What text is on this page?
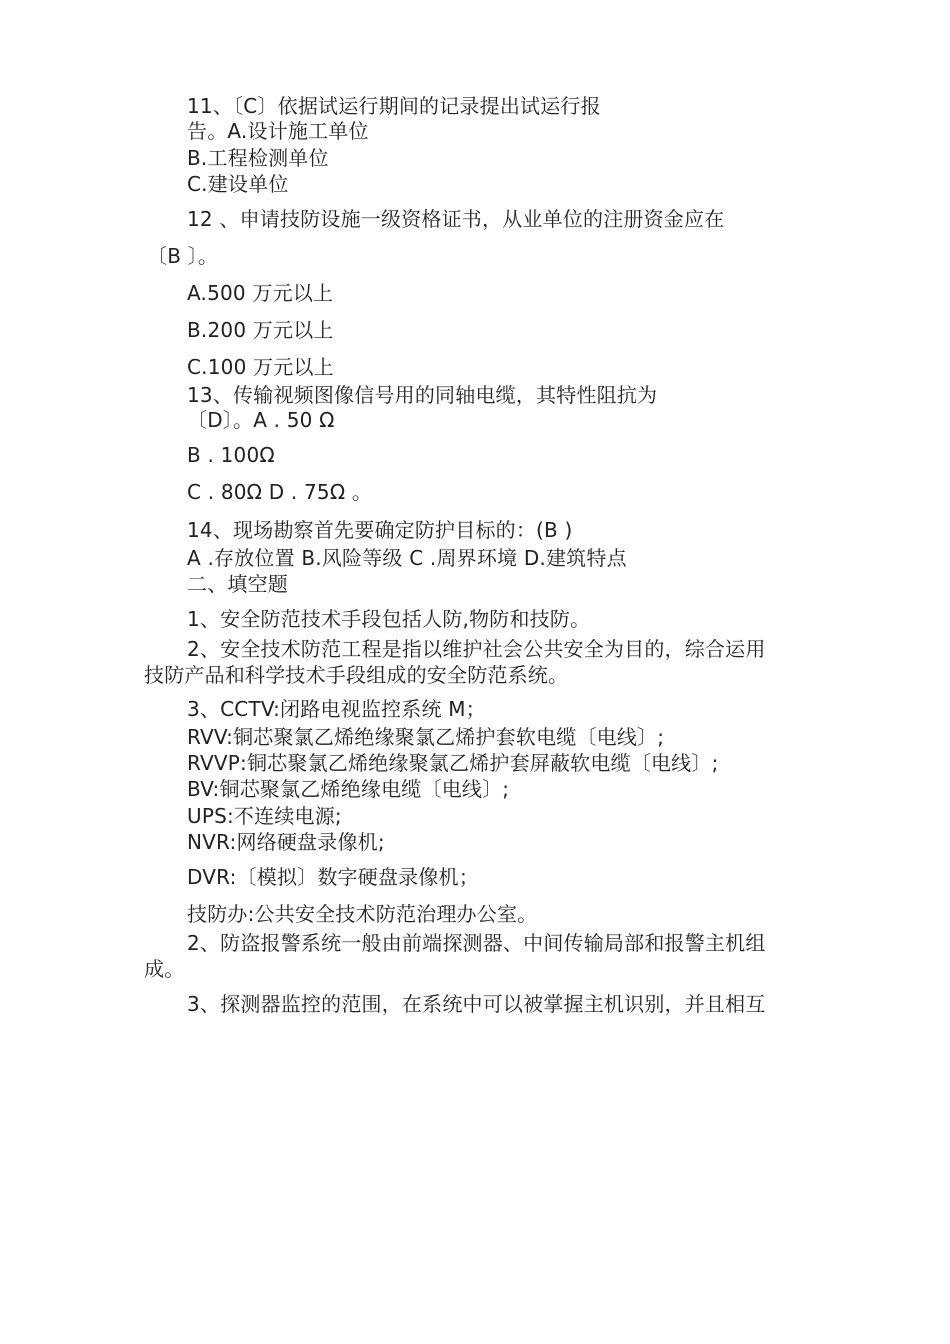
11、〔C〕依据试运行期间的记录提出试运行报
告。A.设计施工单位
B.工程检测单位
C.建设单位
12 、申请技防设施一级资格证书，从业单位的注册资金应在
〔B 〕。
A.500 万元以上
B.200 万元以上
C.100 万元以上
13、传输视频图像信号用的同轴电缆，其特性阻抗为
〔D〕。A . 50 Ω
B . 100Ω
C . 80Ω D . 75Ω 。
14、现场勘察首先要确定防护目标的：(B )
A .存放位置 B.风险等级 C .周界环境 D.建筑特点
二、填空题
1、安全防范技术手段包括人防,物防和技防。
2、安全技术防范工程是指以维护社会公共安全为目的，综合运用
技防产品和科学技术手段组成的安全防范系统。
3、CCTV:闭路电视监控系统 M；
RVV:铜芯聚氯乙烯绝缘聚氯乙烯护套软电缆〔电线〕;
RVVP:铜芯聚氯乙烯绝缘聚氯乙烯护套屏蔽软电缆〔电线〕;
BV:铜芯聚氯乙烯绝缘电缆〔电线〕;
UPS:不连续电源;
NVR:网络硬盘录像机;
DVR:〔模拟〕数字硬盘录像机；
技防办:公共安全技术防范治理办公室。
2、防盗报警系统一般由前端探测器、中间传输局部和报警主机组
成。
3、探测器监控的范围，在系统中可以被掌握主机识别，并且相互
